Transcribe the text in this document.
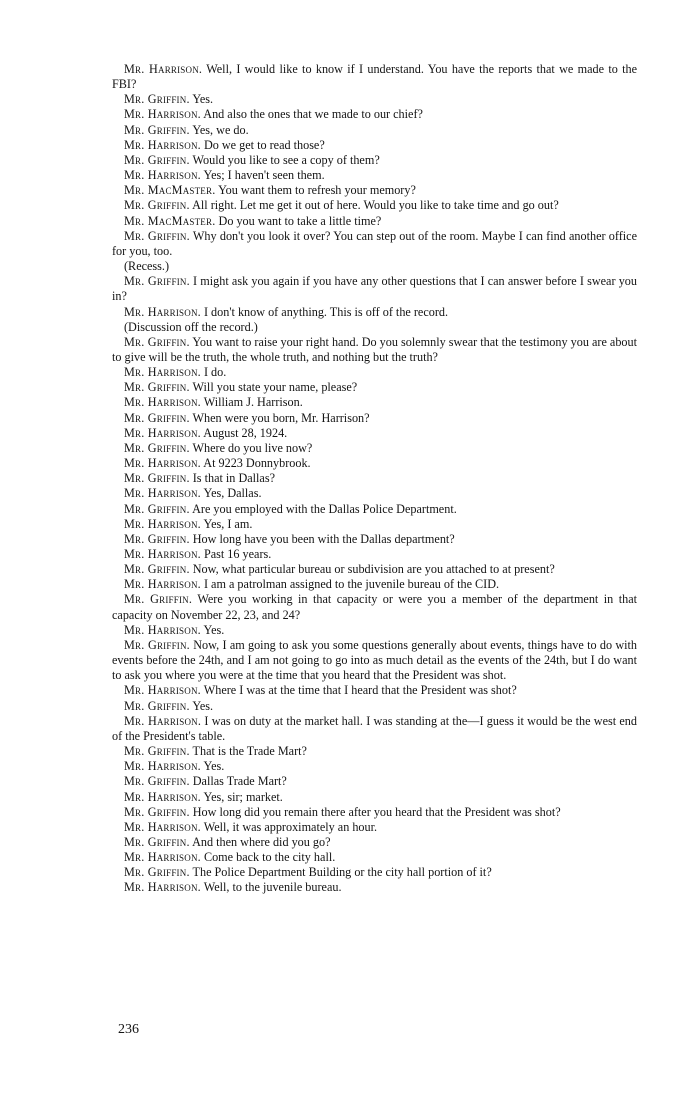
Mr. Harrison. Well, I would like to know if I understand. You have the reports that we made to the FBI?

Mr. Griffin. Yes.

Mr. Harrison. And also the ones that we made to our chief?

Mr. Griffin. Yes, we do.

Mr. Harrison. Do we get to read those?

Mr. Griffin. Would you like to see a copy of them?

Mr. Harrison. Yes; I haven't seen them.

Mr. MacMaster. You want them to refresh your memory?

Mr. Griffin. All right. Let me get it out of here. Would you like to take time and go out?

Mr. MacMaster. Do you want to take a little time?

Mr. Griffin. Why don't you look it over? You can step out of the room. Maybe I can find another office for you, too.

(Recess.)

Mr. Griffin. I might ask you again if you have any other questions that I can answer before I swear you in?

Mr. Harrison. I don't know of anything. This is off of the record.

(Discussion off the record.)

Mr. Griffin. You want to raise your right hand. Do you solemnly swear that the testimony you are about to give will be the truth, the whole truth, and nothing but the truth?

Mr. Harrison. I do.

Mr. Griffin. Will you state your name, please?

Mr. Harrison. William J. Harrison.

Mr. Griffin. When were you born, Mr. Harrison?

Mr. Harrison. August 28, 1924.

Mr. Griffin. Where do you live now?

Mr. Harrison. At 9223 Donnybrook.

Mr. Griffin. Is that in Dallas?

Mr. Harrison. Yes, Dallas.

Mr. Griffin. Are you employed with the Dallas Police Department.

Mr. Harrison. Yes, I am.

Mr. Griffin. How long have you been with the Dallas department?

Mr. Harrison. Past 16 years.

Mr. Griffin. Now, what particular bureau or subdivision are you attached to at present?

Mr. Harrison. I am a patrolman assigned to the juvenile bureau of the CID.

Mr. Griffin. Were you working in that capacity or were you a member of the department in that capacity on November 22, 23, and 24?

Mr. Harrison. Yes.

Mr. Griffin. Now, I am going to ask you some questions generally about events, things have to do with events before the 24th, and I am not going to go into as much detail as the events of the 24th, but I do want to ask you where you were at the time that you heard that the President was shot.

Mr. Harrison. Where I was at the time that I heard that the President was shot?

Mr. Griffin. Yes.

Mr. Harrison. I was on duty at the market hall. I was standing at the—I guess it would be the west end of the President's table.

Mr. Griffin. That is the Trade Mart?

Mr. Harrison. Yes.

Mr. Griffin. Dallas Trade Mart?

Mr. Harrison. Yes, sir; market.

Mr. Griffin. How long did you remain there after you heard that the President was shot?

Mr. Harrison. Well, it was approximately an hour.

Mr. Griffin. And then where did you go?

Mr. Harrison. Come back to the city hall.

Mr. Griffin. The Police Department Building or the city hall portion of it?

Mr. Harrison. Well, to the juvenile bureau.

236
